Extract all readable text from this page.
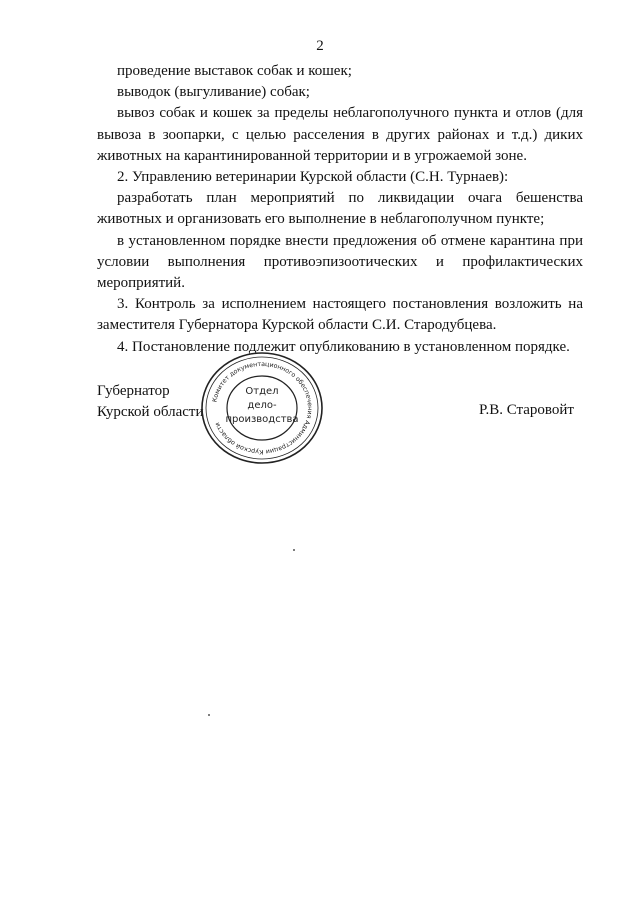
2

проведение выставок собак и кошек;

выводок (выгуливание) собак;

вывоз собак и кошек за пределы неблагополучного пункта и отлов (для вывоза в зоопарки, с целью расселения в других районах и т.д.) диких животных на карантинированной территории и в угрожаемой зоне.

2. Управлению ветеринарии Курской области (С.Н. Турнаев):

разработать план мероприятий по ликвидации очага бешенства животных и организовать его выполнение в неблагополучном пункте;

в установленном порядке внести предложения об отмене карантина при условии выполнения противоэпизоотических и профилактических мероприятий.

3. Контроль за исполнением настоящего постановления возложить на заместителя Губернатора Курской области С.И. Стародубцева.

4. Постановление подлежит опубликованию в установленном порядке.

Губернатор
Курской области
Комитет документационного обеспечения Администрации Курской области
Отдел
дело-
производства
Р.В. Старовойт
